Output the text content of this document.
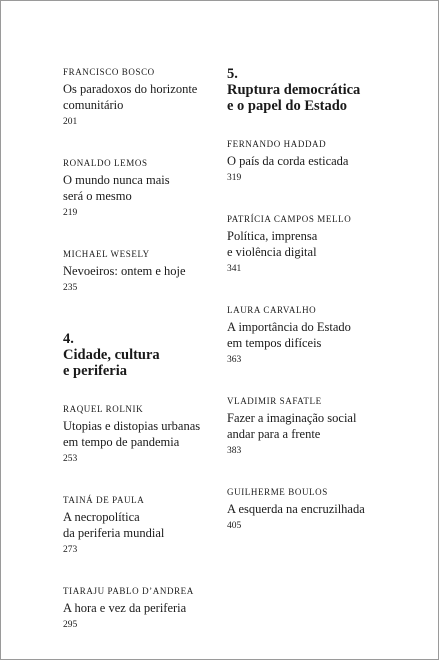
FRANCISCO BOSCO
Os paradoxos do horizonte
comunitário
201
RONALDO LEMOS
O mundo nunca mais
será o mesmo
219
MICHAEL WESELY
Nevoeiros: ontem e hoje
235
4.
Cidade, cultura
e periferia
RAQUEL ROLNIK
Utopias e distopias urbanas
em tempo de pandemia
253
TAINÁ DE PAULA
A necropolítica
da periferia mundial
273
TIARAJU PABLO D’ANDREA
A hora e vez da periferia
295
5.
Ruptura democrática
e o papel do Estado
FERNANDO HADDAD
O país da corda esticada
319
PATRÍCIA CAMPOS MELLO
Política, imprensa
e violência digital
341
LAURA CARVALHO
A importância do Estado
em tempos difíceis
363
VLADIMIR SAFATLE
Fazer a imaginação social
andar para a frente
383
GUILHERME BOULOS
A esquerda na encruzilhada
405
